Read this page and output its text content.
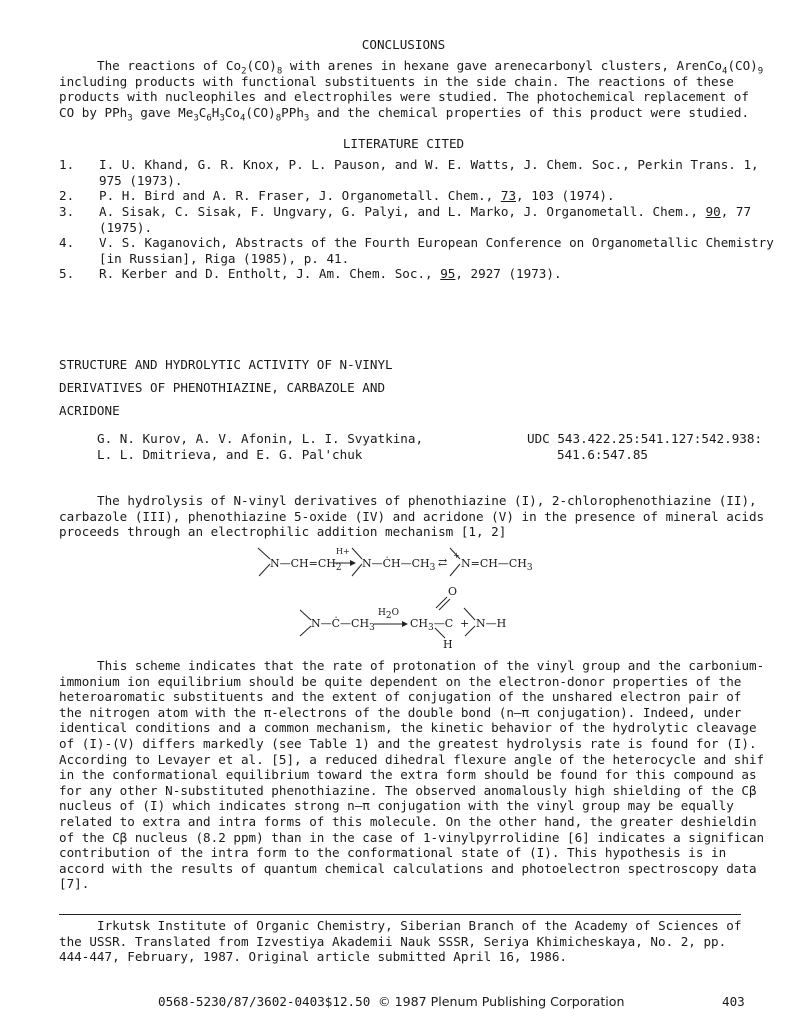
CONCLUSIONS
The reactions of $Co_2(CO)_8$ with arenes in hexane gave arenecarbonyl clusters, $ArenCo_4(CO)_9$
including products with functional substituents in the side chain. The reactions of these
products with nucleophiles and electrophiles were studied. The photochemical replacement of
CO by PPh$_3$ gave $Me_3C_6H_3Co_4(CO)_8PPh_3$ and the chemical properties of this product were studied.
LITERATURE CITED
1.	I. U. Khand, G. R. Knox, P. L. Pauson, and W. E. Watts, J. Chem. Soc., Perkin Trans. 1,
975 (1973).
2.	P. H. Bird and A. R. Fraser, J. Organometall. Chem., 73, 103 (1974).
3.	A. Sisak, C. Sisak, F. Ungvary, G. Palyi, and L. Marko, J. Organometall. Chem., 90, 77
(1975).
4.	V. S. Kaganovich, Abstracts of the Fourth European Conference on Organometallic Chemistry
[in Russian], Riga (1985), p. 41.
5.	R. Kerber and D. Entholt, J. Am. Chem. Soc., 95, 2927 (1973).
STRUCTURE AND HYDROLYTIC ACTIVITY OF N-VINYL
DERIVATIVES OF PHENOTHIAZINE, CARBAZOLE AND
ACRIDONE
G. N. Kurov, A. V. Afonin, L. I. Svyatkina,
L. L. Dmitrieva, and E. G. Pal'chuk
UDC 543.422.25:541.127:542.938:
541.6:547.85
The hydrolysis of N-vinyl derivatives of phenothiazine (I), 2-chlorophenothiazine (II),
carbazole (III), phenothiazine 5-oxide (IV) and acridone (V) in the presence of mineral acids
proceeds through an electrophilic addition mechanism [1, 2]
$N—CH=CH_2$
H+
$N—ĊH—CH_3$ ⇄
+
$N=CH—CH_3$
$N—Ċ—CH_3$
$H_2O$
$CH_3—C$
O
H
+ N—H
This scheme indicates that the rate of protonation of the vinyl group and the carbonium-
immonium ion equilibrium should be quite dependent on the electron-donor properties of the
heteroaromatic substituents and the extent of conjugation of the unshared electron pair of
the nitrogen atom with the π-electrons of the double bond (n—π conjugation). Indeed, under
identical conditions and a common mechanism, the kinetic behavior of the hydrolytic cleavage
of (I)-(V) differs markedly (see Table 1) and the greatest hydrolysis rate is found for (I).
According to Levayer et al. [5], a reduced dihedral flexure angle of the heterocycle and shif
in the conformational equilibrium toward the extra form should be found for this compound as
for any other N-substituted phenothiazine. The observed anomalously high shielding of the Cβ
nucleus of (I) which indicates strong n—π conjugation with the vinyl group may be equally
related to extra and intra forms of this molecule. On the other hand, the greater deshieldin
of the Cβ nucleus (8.2 ppm) than in the case of 1-vinylpyrrolidine [6] indicates a significan
contribution of the intra form to the conformational state of (I). This hypothesis is in
accord with the results of quantum chemical calculations and photoelectron spectroscopy data
[7].
Irkutsk Institute of Organic Chemistry, Siberian Branch of the Academy of Sciences of
the USSR. Translated from Izvestiya Akademii Nauk SSSR, Seriya Khimicheskaya, No. 2, pp.
444-447, February, 1987. Original article submitted April 16, 1986.
0568-5230/87/3602-0403$12.50 © 1987 Plenum Publishing Corporation	403
